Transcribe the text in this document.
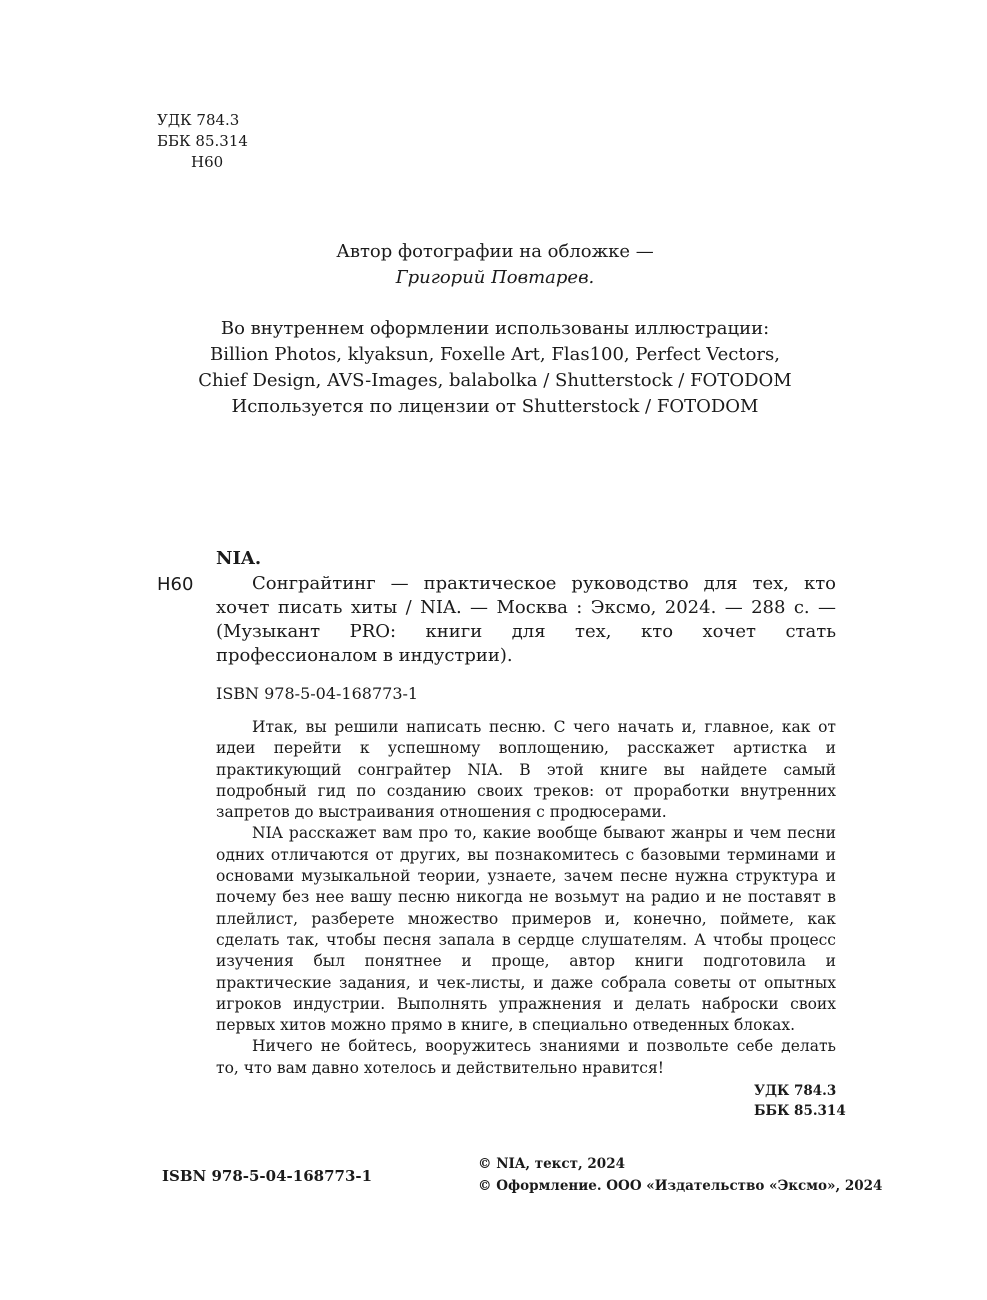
УДК 784.3
ББК 85.314
Н60
Автор фотографии на обложке —
Григорий Повтарев.
Во внутреннем оформлении использованы иллюстрации:
Billion Photos, klyaksun, Foxelle Art, Flas100, Perfect Vectors,
Chief Design, AVS-Images, balabolka / Shutterstock / FOTODOM
Используется по лицензии от Shutterstock / FOTODOM
NIA.
Н60	Сонграйтинг — практическое руководство для тех, кто хочет писать хиты / NIA. — Москва : Эксмо, 2024. — 288 с. — (Музыкант PRO: книги для тех, кто хочет стать профессионалом в индустрии).
ISBN 978-5-04-168773-1

Итак, вы решили написать песню. С чего начать и, главное, как от идеи перейти к успешному воплощению, расскажет артистка и практикующий сонграйтер NIA. В этой книге вы найдете самый подробный гид по созданию своих треков: от проработки внутренних запретов до выстраивания отношения с продюсерами.

NIA расскажет вам про то, какие вообще бывают жанры и чем песни одних отличаются от других, вы познакомитесь с базовыми терминами и основами музыкальной теории, узнаете, зачем песне нужна структура и почему без нее вашу песню никогда не возьмут на радио и не поставят в плейлист, разберете множество примеров и, конечно, поймете, как сделать так, чтобы песня запала в сердце слушателям. А чтобы процесс изучения был понятнее и проще, автор книги подготовила и практические задания, и чек-листы, и даже собрала советы от опытных игроков индустрии. Выполнять упражнения и делать наброски своих первых хитов можно прямо в книге, в специально отведенных блоках.

Ничего не бойтесь, вооружитесь знаниями и позвольте себе делать то, что вам давно хотелось и действительно нравится!

УДК 784.3
ББК 85.314
ISBN 978-5-04-168773-1
© NIA, текст, 2024
© Оформление. ООО «Издательство «Эксмо», 2024
